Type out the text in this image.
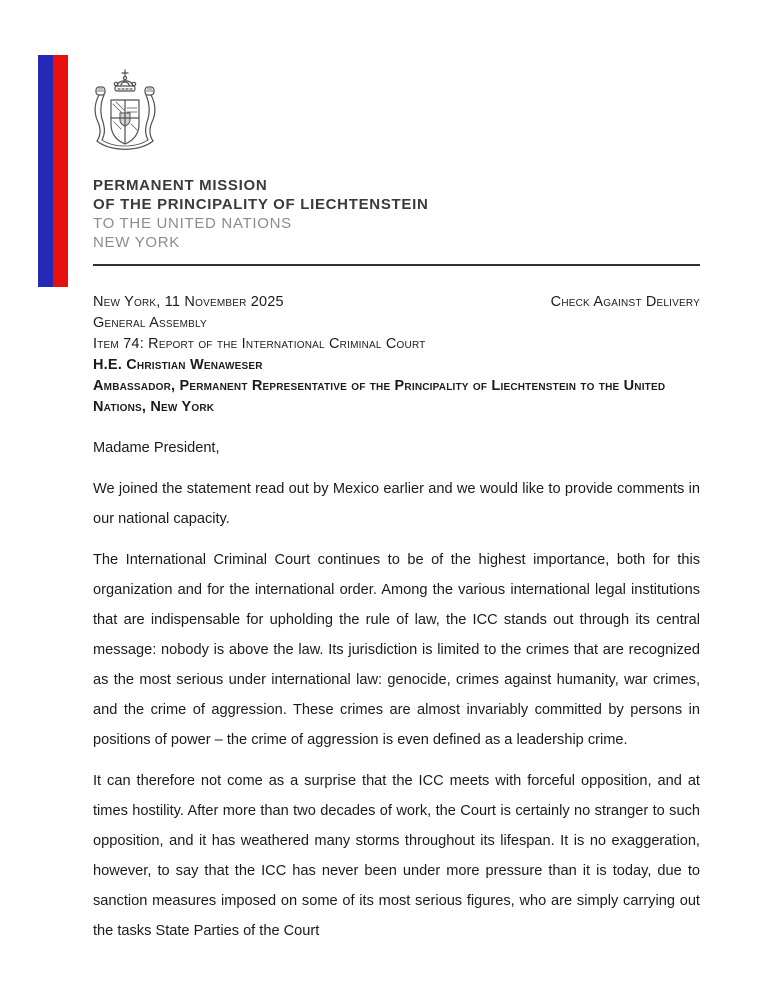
PERMANENT MISSION
OF THE PRINCIPALITY OF LIECHTENSTEIN
TO THE UNITED NATIONS
NEW YORK
New York, 11 November 2025	Check Against Delivery
General Assembly
Item 74: Report of the International Criminal Court
H.E. Christian Wenaweser
Ambassador, Permanent Representative of the Principality of Liechtenstein to the United Nations, New York
Madame President,

We joined the statement read out by Mexico earlier and we would like to provide comments in our national capacity.

The International Criminal Court continues to be of the highest importance, both for this organization and for the international order. Among the various international legal institutions that are indispensable for upholding the rule of law, the ICC stands out through its central message: nobody is above the law. Its jurisdiction is limited to the crimes that are recognized as the most serious under international law: genocide, crimes against humanity, war crimes, and the crime of aggression. These crimes are almost invariably committed by persons in positions of power – the crime of aggression is even defined as a leadership crime.

It can therefore not come as a surprise that the ICC meets with forceful opposition, and at times hostility. After more than two decades of work, the Court is certainly no stranger to such opposition, and it has weathered many storms throughout its lifespan. It is no exaggeration, however, to say that the ICC has never been under more pressure than it is today, due to sanction measures imposed on some of its most serious figures, who are simply carrying out the tasks State Parties of the Court
